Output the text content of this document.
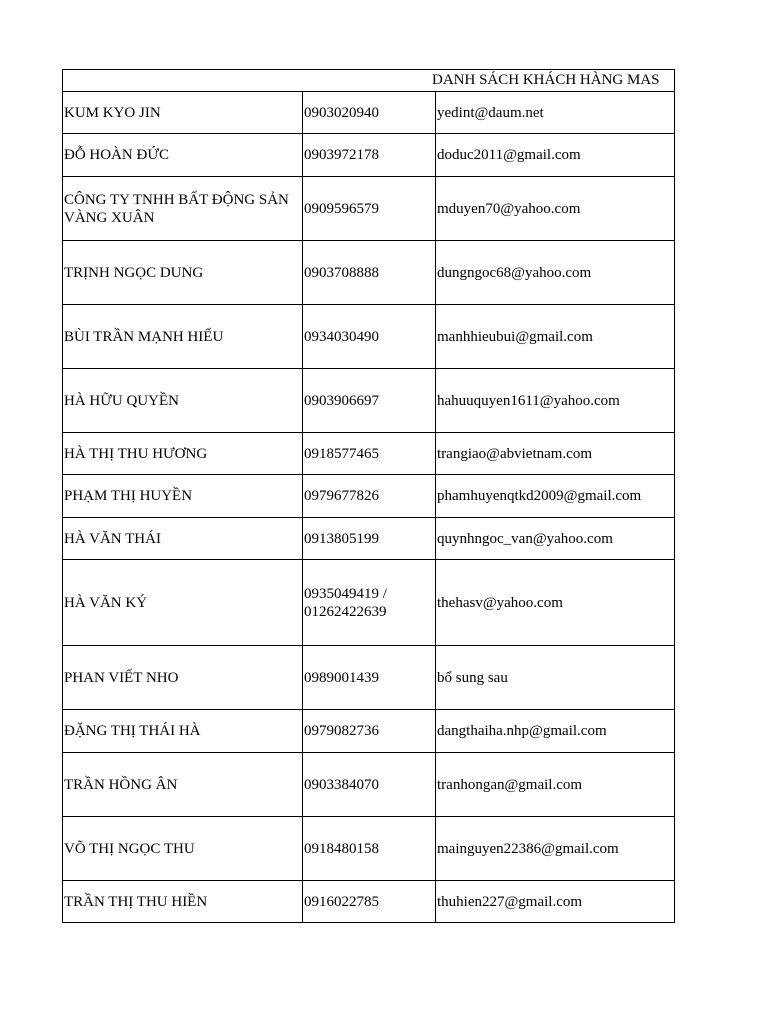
DANH SÁCH KHÁCH HÀNG MAS		

KUM KYO JIN	0903020940	yedint@daum.net
ĐỖ HOÀN ĐỨC	0903972178	doduc2011@gmail.com
CÔNG TY TNHH BẤT ĐỘNG SẢN VÀNG XUÂN	0909596579	mduyen70@yahoo.com
TRỊNH NGỌC DUNG	0903708888	dungngoc68@yahoo.com
BÙI TRẦN MẠNH HIẾU	0934030490	manhhieubui@gmail.com
HÀ HỮU QUYỀN	0903906697	hahuuquyen1611@yahoo.com
HÀ THỊ THU HƯƠNG	0918577465	trangiao@abvietnam.com
PHẠM THỊ HUYỀN	0979677826	phamhuyenqtkd2009@gmail.com
HÀ VĂN THÁI	0913805199	quynhngoc_van@yahoo.com
HÀ VĂN KÝ	0935049419 / 01262422639	thehasv@yahoo.com
PHAN VIẾT NHO	0989001439	bổ sung sau
ĐẶNG THỊ THÁI HÀ	0979082736	dangthaiha.nhp@gmail.com
TRẦN HỒNG ÂN	0903384070	tranhongan@gmail.com
VÕ THỊ NGỌC THU	0918480158	mainguyen22386@gmail.com
TRẦN THỊ THU HIỀN	0916022785	thuhien227@gmail.com
